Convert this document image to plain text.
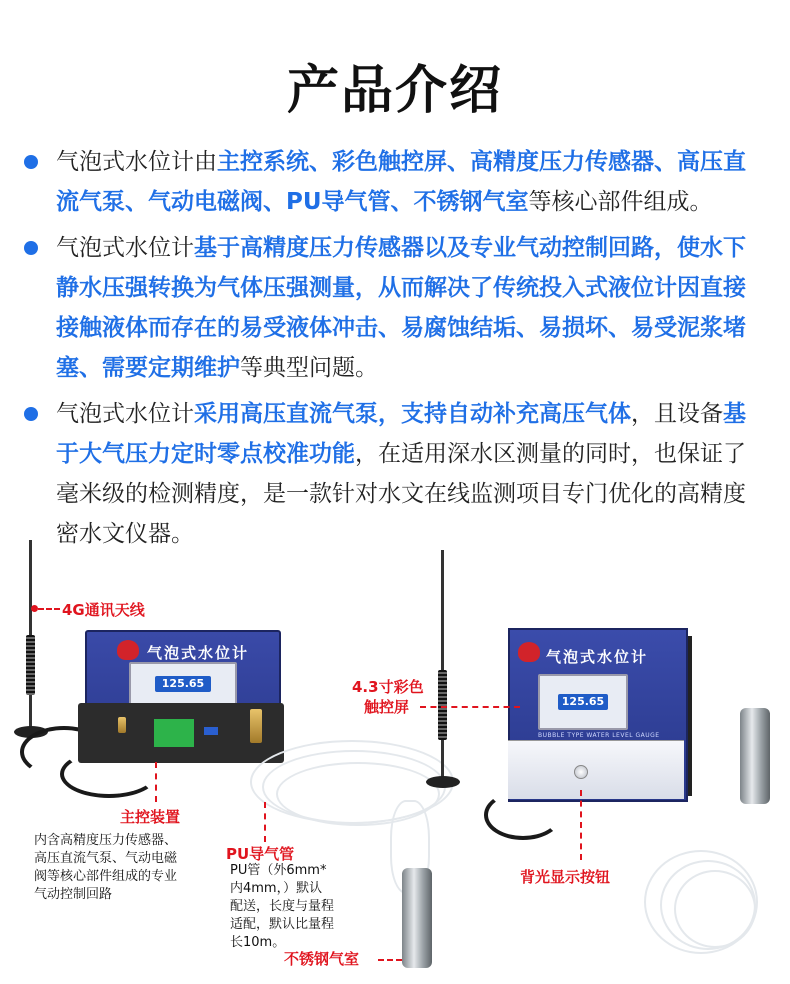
产品介绍
气泡式水位计由主控系统、彩色触控屏、高精度压力传感器、高压直流气泵、气动电磁阀、PU导气管、不锈钢气室等核心部件组成。
气泡式水位计基于高精度压力传感器以及专业气动控制回路，使水下静水压强转换为气体压强测量，从而解决了传统投入式液位计因直接接触液体而存在的易受液体冲击、易腐蚀结垢、易损坏、易受泥浆堵塞、需要定期维护等典型问题。
气泡式水位计采用高压直流气泵，支持自动补充高压气体，且设备基于大气压力定时零点校准功能，在适用深水区测量的同时，也保证了毫米级的检测精度，是一款针对水文在线监测项目专门优化的高精度密水文仪器。
4G通讯天线
气泡式水位计
125.65
主控装置
内含高精度压力传感器、
高压直流气泵、气动电磁
阀等核心部件组成的专业
气动控制回路
PU导气管
PU管（外6mm*
内4mm，）默认
配送，长度与量程
适配，默认比量程
长10m。
不锈钢气室
气泡式水位计
125.65
BUBBLE TYPE WATER LEVEL GAUGE
4.3寸彩色
触控屏
背光显示按钮
